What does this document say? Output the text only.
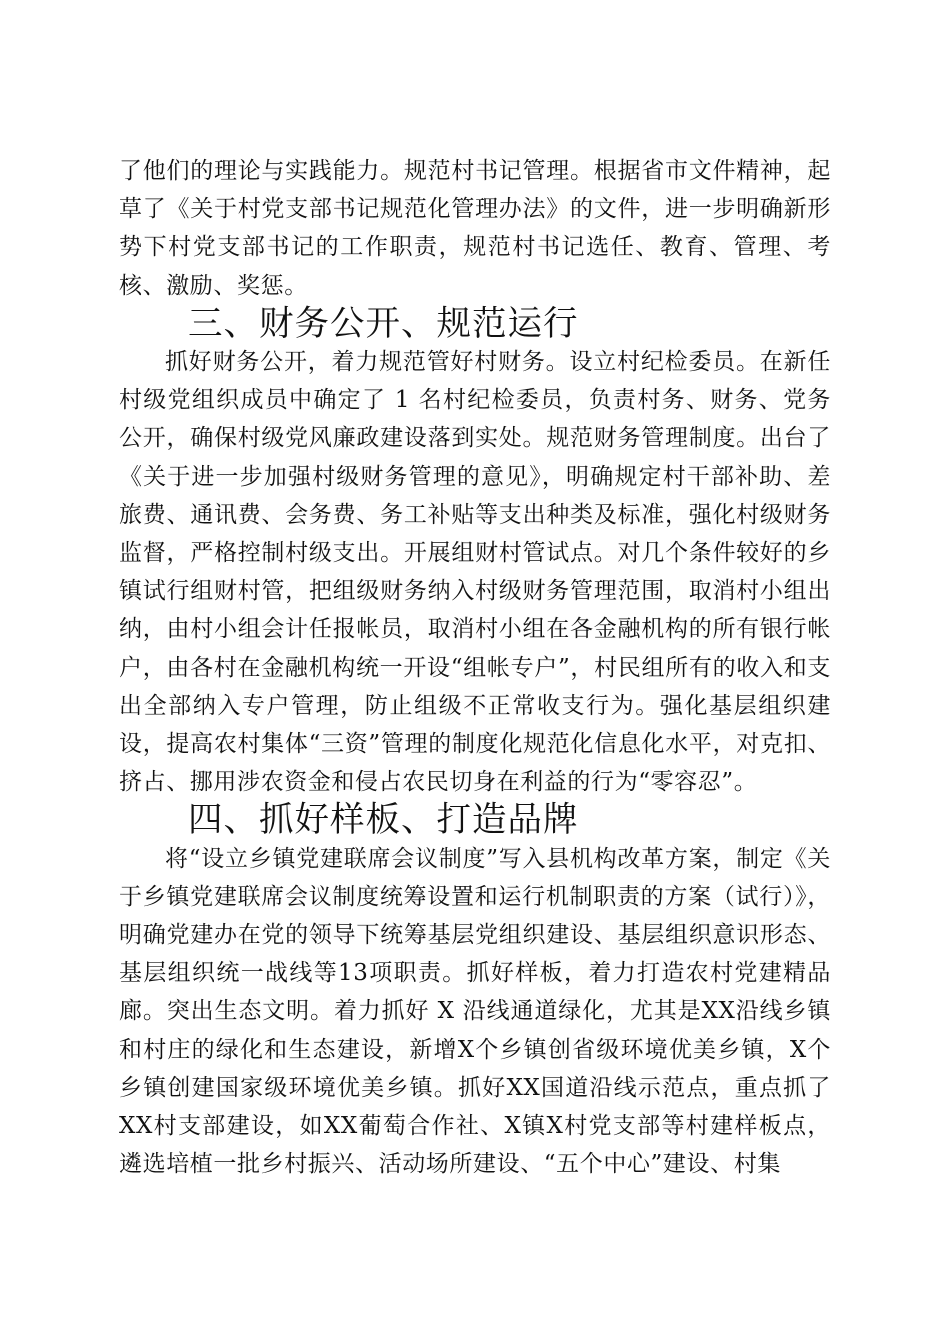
了他们的理论与实践能力。规范村书记管理。根据省市文件精神，起草了《关于村党支部书记规范化管理办法》的文件，进一步明确新形势下村党支部书记的工作职责，规范村书记选任、教育、管理、考核、激励、奖惩。

三、财务公开、规范运行

抓好财务公开，着力规范管好村财务。设立村纪检委员。在新任村级党组织成员中确定了 1 名村纪检委员，负责村务、财务、党务公开，确保村级党风廉政建设落到实处。规范财务管理制度。出台了《关于进一步加强村级财务管理的意见》，明确规定村干部补助、差旅费、通讯费、会务费、务工补贴等支出种类及标准，强化村级财务监督，严格控制村级支出。开展组财村管试点。对几个条件较好的乡镇试行组财村管，把组级财务纳入村级财务管理范围，取消村小组出纳，由村小组会计任报帐员，取消村小组在各金融机构的所有银行帐户，由各村在金融机构统一开设“组帐专户”，村民组所有的收入和支出全部纳入专户管理，防止组级不正常收支行为。强化基层组织建设，提高农村集体“三资”管理的制度化规范化信息化水平，对克扣、挤占、挪用涉农资金和侵占农民切身在利益的行为“零容忍”。

四、抓好样板、打造品牌

将“设立乡镇党建联席会议制度”写入县机构改革方案，制定《关于乡镇党建联席会议制度统筹设置和运行机制职责的方案（试行）》，明确党建办在党的领导下统筹基层党组织建设、基层组织意识形态、基层组织统一战线等13项职责。抓好样板，着力打造农村党建精品廊。突出生态文明。着力抓好 X 沿线通道绿化，尤其是XX沿线乡镇和村庄的绿化和生态建设，新增X个乡镇创省级环境优美乡镇，X个乡镇创建国家级环境优美乡镇。抓好XX国道沿线示范点，重点抓了XX村支部建设，如XX葡萄合作社、X镇X村党支部等村建样板点，遴选培植一批乡村振兴、活动场所建设、“五个中心”建设、村集
